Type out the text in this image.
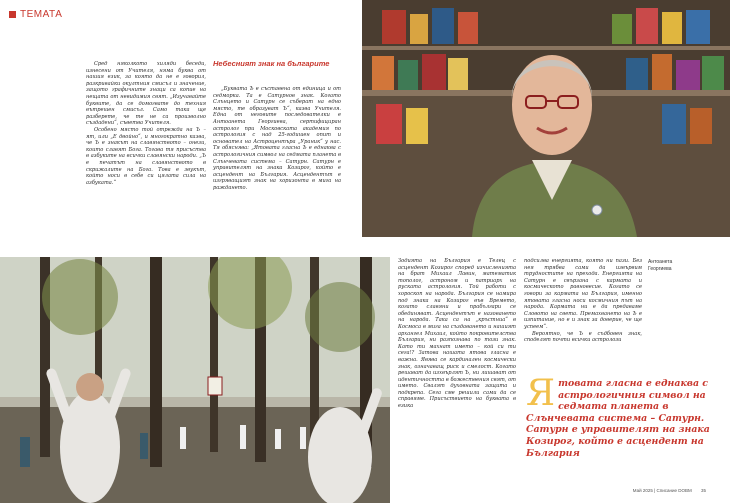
ТЕМАТА

Сред няколкото хиляди беседи, изнесени от Учителя, няма буква от нашия език, за която да не е говорил, разкривайки окултния смисъл и значение, защото графичните знаци са копие на нещата от невидимия свят. „Изучавайте буквите, да се домогвате до техния вътрешен смисъл. Само така ще разберете, че те не са произволно създадени“, съветва Учителя.

Особено място той отрежда на Ъ – ят, или „Е двойно“, и многократно казва, че Ъ е знакът на славянството – онези, които славят Бога. Тогава тя присъства в азбуките на всички славянски народи. „Ъ е печатът на славянството в скрижалите на Бога. Това е звукът, който носи в себе си цялата сила на азбуката.“

Небесният знак на българите

„Буквата Ъ е съставена от единица и от седморка. Та е Сатурнов знак. Когато Слънцето и Сатурн се съберат на едно място, те образуват Ъ“, казва Учителя. Една от неговите последователки е Антоанета Георгиева, сертифициран астролог при Московската академия по астрология с над 25-годишен опит и основател на Астроцентъра „Ураник“ у нас. Тя обяснява: „Ятовата гласна Ъ е еднаква с астрологичния символ на седмата планета в Слънчевата система – Сатурн. Сатурн е управителят на знака Козирог, който е асцендент на България. Асцендентът е изгряващият знак на хоризонта в мига на раждането.

Антоанета
Георгиева

Зодията на България е Телец с асцендент Козирог според изчисленията на брат Михаил Лавин, математик тополог, астроном и патриарх на руската астрология. Той работи с хороскоп на народа. България се намира под знака на Козирог във Времето, когато славяни и прабългари се обединяват. Асцендентът е назоването на народа. Така са на „кръстниа“ в Космоса в мига на създаването и нашият архангел Михаил, който покровителства България, ни разпознава по този знак. Като ти махнат името – кой си ти сега!? Затова нашата ятова гласна е важна. Явява се кардинален космически знак, означаващ риск и смелост. Когато решават да изхвърлят Ъ, ни лишават от идентичността в божествения свят, от името. Свалят духовната защита и подкрепа. Сега сме решили сами да се справяме. Присъствието на буквата в езика

подсилва енергията, която ни пази. Без нея трябва сами да извървим трудностите на прехода. Енергията на Сатурн е свързана с кармата и космическото равновесие. Когато се говори за кармата на България, именно ятовата гласна носи космичния път на народа. Кармата ни е да предаваме Словото на света. Премахването на Ъ е изпитание, но е и знак за доверие, че ще успеем“.

Вероятно, че Ъ е съдбовен знак, споделят почти всички астролози

Я товата гласна е еднаква с астрологичния символ на седмата планета в Слънчевата система – Сатурн. Сатурн е управителят на знака Козирог, който е асцендент на България
Май 2025 | Списание DОВМ 35
